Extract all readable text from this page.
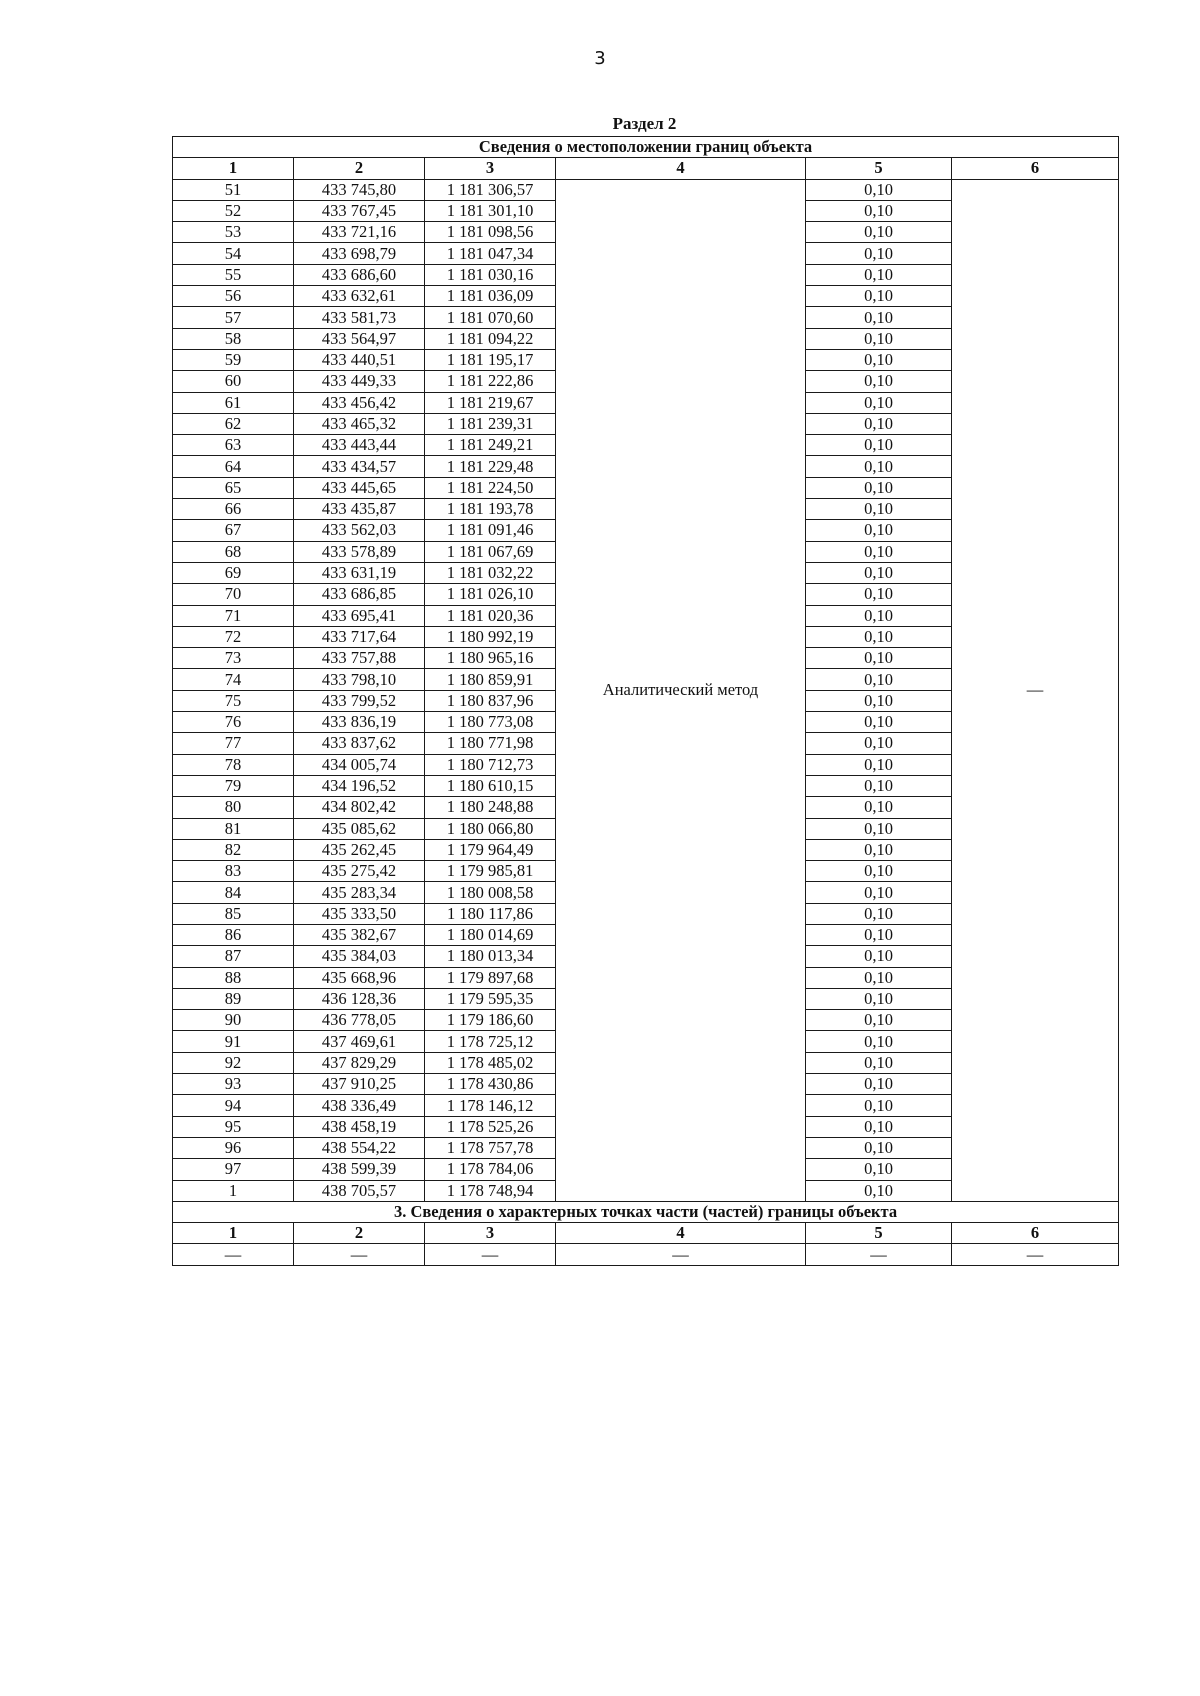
3
Раздел 2
Сведения о местоположении границ объекта					
1	2	3	4	5	6
51	433 745,80	1 181 306,57	Аналитический метод	0,10	—
52	433 767,45	1 181 301,10		0,10	
53	433 721,16	1 181 098,56		0,10	
54	433 698,79	1 181 047,34		0,10	
55	433 686,60	1 181 030,16		0,10	
56	433 632,61	1 181 036,09		0,10	
57	433 581,73	1 181 070,60		0,10	
58	433 564,97	1 181 094,22		0,10	
59	433 440,51	1 181 195,17		0,10	
60	433 449,33	1 181 222,86		0,10	
61	433 456,42	1 181 219,67		0,10	
62	433 465,32	1 181 239,31		0,10	
63	433 443,44	1 181 249,21		0,10	
64	433 434,57	1 181 229,48		0,10	
65	433 445,65	1 181 224,50		0,10	
66	433 435,87	1 181 193,78		0,10	
67	433 562,03	1 181 091,46		0,10	
68	433 578,89	1 181 067,69		0,10	
69	433 631,19	1 181 032,22		0,10	
70	433 686,85	1 181 026,10		0,10	
71	433 695,41	1 181 020,36		0,10	
72	433 717,64	1 180 992,19		0,10	
73	433 757,88	1 180 965,16		0,10	
74	433 798,10	1 180 859,91		0,10	
75	433 799,52	1 180 837,96		0,10	
76	433 836,19	1 180 773,08		0,10	
77	433 837,62	1 180 771,98		0,10	
78	434 005,74	1 180 712,73		0,10	
79	434 196,52	1 180 610,15		0,10	
80	434 802,42	1 180 248,88		0,10	
81	435 085,62	1 180 066,80		0,10	
82	435 262,45	1 179 964,49		0,10	
83	435 275,42	1 179 985,81		0,10	
84	435 283,34	1 180 008,58		0,10	
85	435 333,50	1 180 117,86		0,10	
86	435 382,67	1 180 014,69		0,10	
87	435 384,03	1 180 013,34		0,10	
88	435 668,96	1 179 897,68		0,10	
89	436 128,36	1 179 595,35		0,10	
90	436 778,05	1 179 186,60		0,10	
91	437 469,61	1 178 725,12		0,10	
92	437 829,29	1 178 485,02		0,10	
93	437 910,25	1 178 430,86		0,10	
94	438 336,49	1 178 146,12		0,10	
95	438 458,19	1 178 525,26		0,10	
96	438 554,22	1 178 757,78		0,10	
97	438 599,39	1 178 784,06		0,10	
1	438 705,57	1 178 748,94		0,10	
3. Сведения о характерных точках части (частей) границы объекта					
1	2	3	4	5	6
—	—	—	—	—	—
